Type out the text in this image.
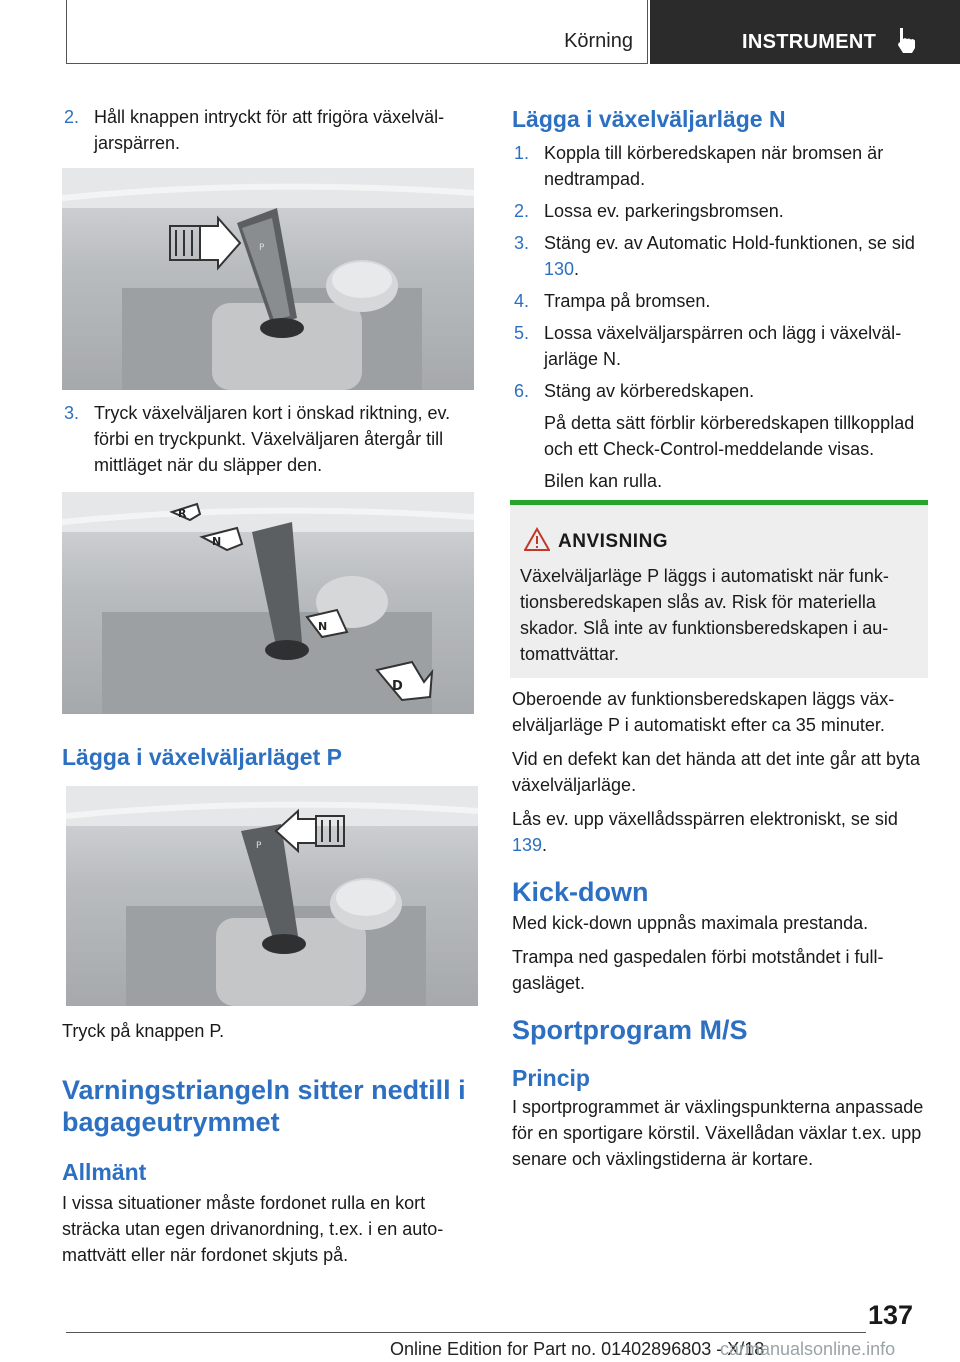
Körning	INSTRUMENT
2. Håll knappen intryckt för att frigöra växelväljarspärren.
P
3. Tryck växelväljaren kort i önskad riktning, ev. förbi en tryckpunkt. Växelväljaren återgår till mittläget när du släpper den.
R
N
N
D
Lägga i växelväljarläget P
P
Tryck på knappen P.
Varningstriangeln sitter nedtill i bagageutrymmet
Allmänt
I vissa situationer måste fordonet rulla en kort sträcka utan egen drivanordning, t.ex. i en automattvätt eller när fordonet skjuts på.
Lägga i växelväljarläge N
1. Koppla till körberedskapen när bromsen är nedtrampad.
2. Lossa ev. parkeringsbromsen.
3. Stäng ev. av Automatic Hold-funktionen, se sid 130.
4. Trampa på bromsen.
5. Lossa växelväljarspärren och lägg i växelväljarläge N.
6. Stäng av körberedskapen.
På detta sätt förblir körberedskapen tillkopplad och ett Check-Control-meddelande visas.
Bilen kan rulla.
ANVISNING
Växelväljarläge P läggs i automatiskt när funktionsberedskapen slås av. Risk för materiella skador. Slå inte av funktionsberedskapen i automattvättar.
Oberoende av funktionsberedskapen läggs växelväljarläge P i automatiskt efter ca 35 minuter.
Vid en defekt kan det hända att det inte går att byta växelväljarläge.
Lås ev. upp växellådsspärren elektroniskt, se sid 139.
Kick-down
Med kick-down uppnås maximala prestanda.
Trampa ned gaspedalen förbi motståndet i fullgasläget.
Sportprogram M/S
Princip
I sportprogrammet är växlingspunkterna anpassade för en sportigare körstil. Växellådan växlar t.ex. upp senare och växlingstiderna är kortare.
137
Online Edition for Part no. 01402896803 - X/18
carmanualsonline.info
